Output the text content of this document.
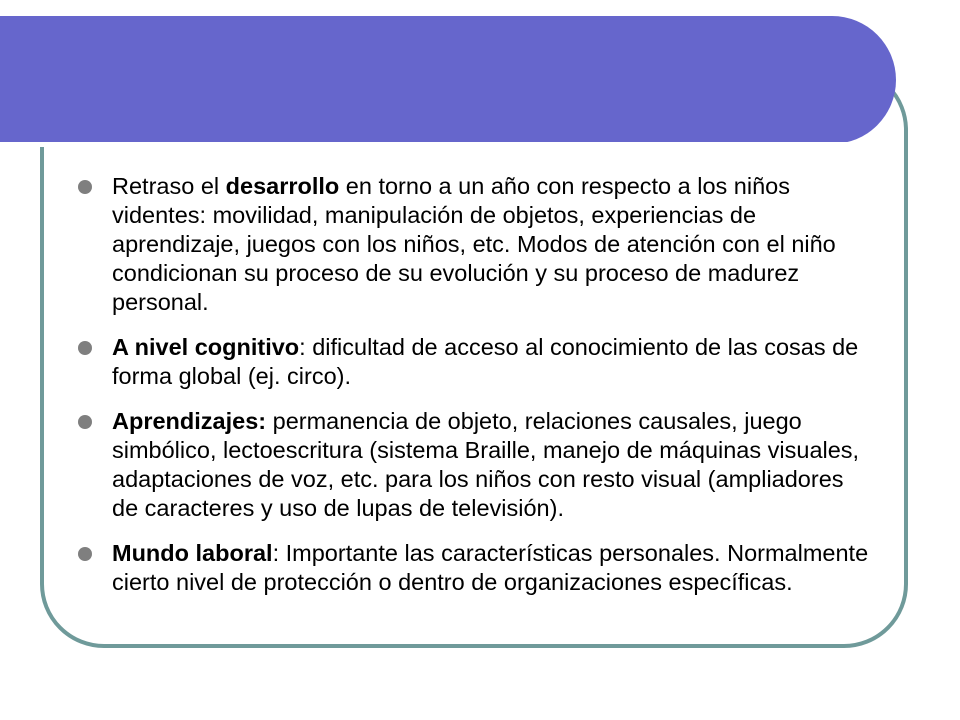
Retraso el desarrollo en torno a un año con respecto a los niños videntes: movilidad, manipulación de objetos, experiencias de aprendizaje, juegos con los niños, etc. Modos de atención con el niño condicionan su proceso de su evolución y su proceso de madurez personal.
A nivel cognitivo: dificultad de acceso al conocimiento de las cosas de forma global (ej. circo).
Aprendizajes: permanencia de objeto, relaciones causales, juego simbólico, lectoescritura (sistema Braille, manejo de máquinas visuales, adaptaciones de voz, etc. para los niños con resto visual (ampliadores de caracteres y uso de lupas de televisión).
Mundo laboral: Importante las características personales. Normalmente cierto nivel de protección o dentro de organizaciones específicas.
